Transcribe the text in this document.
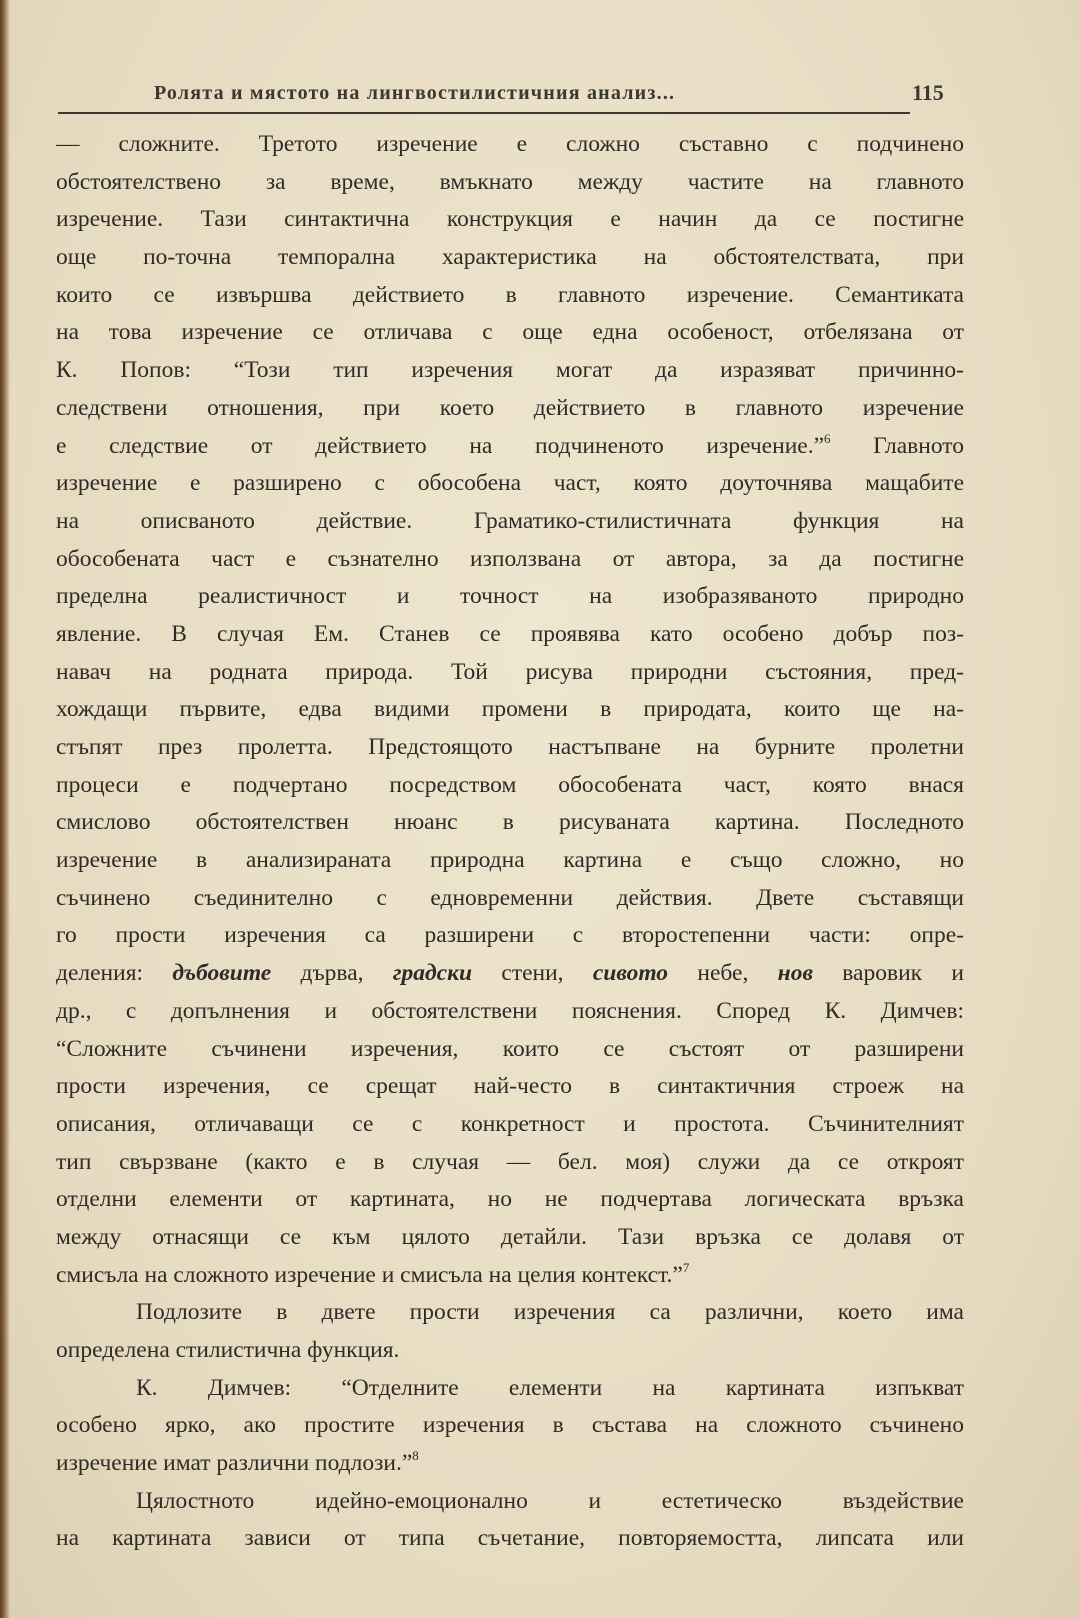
Ролята и мястото на лингвостилистичния анализ...	115
— сложните. Третото изречение е сложно съставно с подчинено
обстоятелствено за време, вмъкнато между частите на главното
изречение. Тази синтактична конструкция е начин да се постигне
още по-точна темпорална характеристика на обстоятелствата, при
които се извършва действието в главното изречение. Семантиката
на това изречение се отличава с още една особеност, отбелязана от
К. Попов: “Този тип изречения могат да изразяват причинно-
следствени отношения, при което действието в главното изречение
е следствие от действието на подчиненото изречение.”$^6$ Главното
изречение е разширено с обособена част, която доуточнява мащабите
на описваното действие. Граматико-стилистичната функция на
обособената част е съзнателно използвана от автора, за да постигне
пределна реалистичност и точност на изобразяваното природно
явление. В случая Ем. Станев се проявява като особено добър поз-
навач на родната природа. Той рисува природни състояния, пред-
хождащи първите, едва видими промени в природата, които ще на-
стъпят през пролетта. Предстоящото настъпване на бурните пролетни
процеси е подчертано посредством обособената част, която внася
смислово обстоятелствен нюанс в рисуваната картина. Последното
изречение в анализираната природна картина е също сложно, но
съчинено съединително с едновременни действия. Двете съставящи
го прости изречения са разширени с второстепенни части: опре-
деления: дъбовите дърва, градски стени, сивото небе, нов варовик и
др., с допълнения и обстоятелствени пояснения. Според К. Димчев:
“Сложните съчинени изречения, които се състоят от разширени
прости изречения, се срещат най-често в синтактичния строеж на
описания, отличаващи се с конкретност и простота. Съчинителният
тип свързване (както е в случая — бел. моя) служи да се откроят
отделни елементи от картината, но не подчертава логическата връзка
между отнасящи се към цялото детайли. Тази връзка се долавя от
смисъла на сложното изречение и смисъла на целия контекст.”$^7$
Подлозите в двете прости изречения са различни, което има
определена стилистична функция.
К. Димчев: “Отделните елементи на картината изпъкват
особено ярко, ако простите изречения в състава на сложното съчинено
изречение имат различни подлози.”$^8$
Цялостното идейно-емоционално и естетическо въздействие
на картината зависи от типа съчетание, повторяемостта, липсата или
